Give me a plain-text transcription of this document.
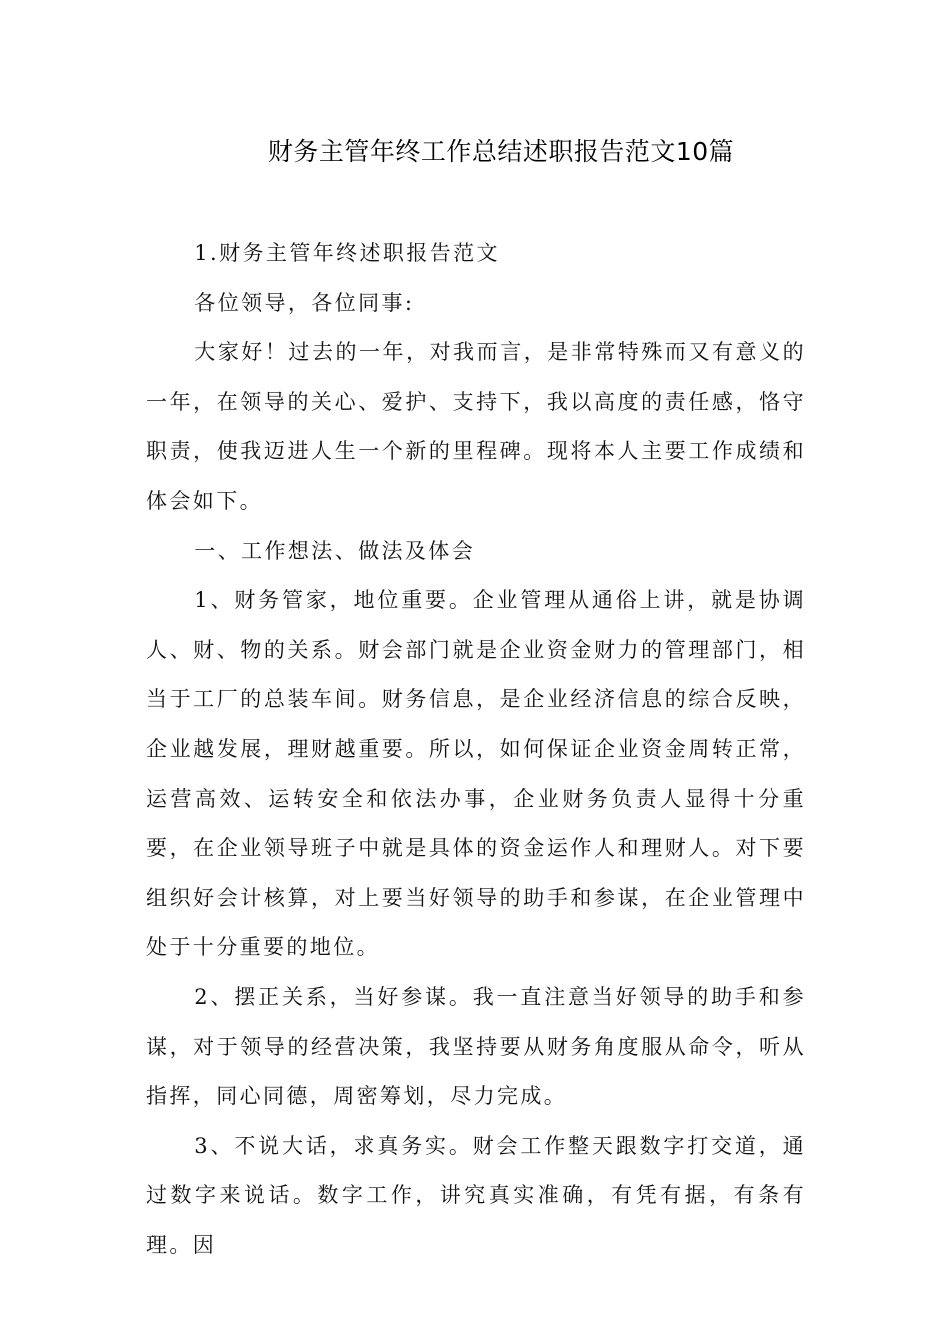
财务主管年终工作总结述职报告范文10篇

1.财务主管年终述职报告范文

各位领导，各位同事:

大家好！过去的一年，对我而言，是非常特殊而又有意义的一年，在领导的关心、爱护、支持下，我以高度的责任感，恪守职责，使我迈进人生一个新的里程碑。现将本人主要工作成绩和体会如下。

一、工作想法、做法及体会

1、财务管家，地位重要。企业管理从通俗上讲，就是协调人、财、物的关系。财会部门就是企业资金财力的管理部门，相当于工厂的总装车间。财务信息，是企业经济信息的综合反映，企业越发展，理财越重要。所以，如何保证企业资金周转正常，运营高效、运转安全和依法办事，企业财务负责人显得十分重要，在企业领导班子中就是具体的资金运作人和理财人。对下要组织好会计核算，对上要当好领导的助手和参谋，在企业管理中处于十分重要的地位。

2、摆正关系，当好参谋。我一直注意当好领导的助手和参谋，对于领导的经营决策，我坚持要从财务角度服从命令，听从指挥，同心同德，周密筹划，尽力完成。

3、不说大话，求真务实。财会工作整天跟数字打交道，通过数字来说话。数字工作，讲究真实准确，有凭有据，有条有理。因
